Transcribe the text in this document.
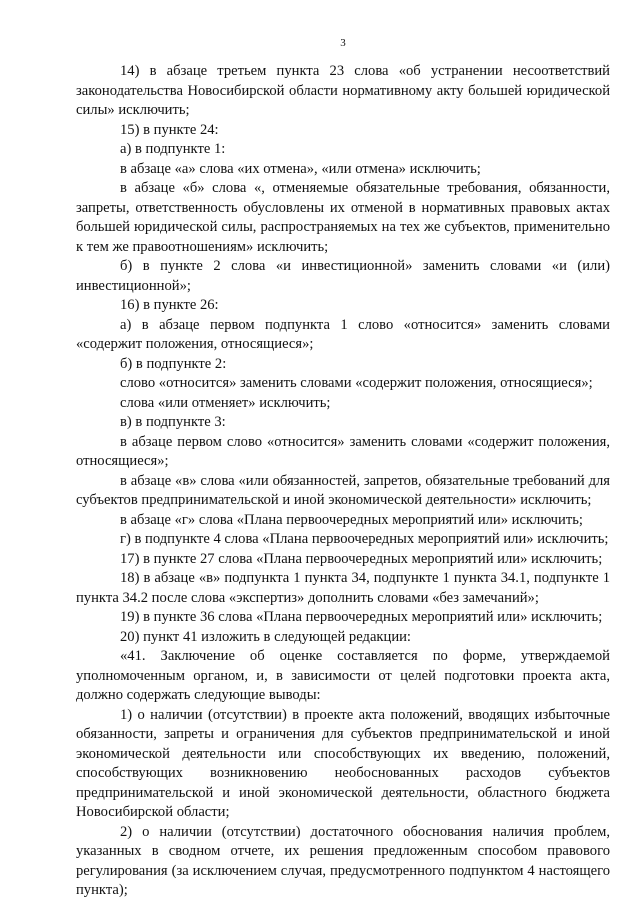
3

14) в абзаце третьем пункта 23 слова «об устранении несоответствий законодательства Новосибирской области нормативному акту большей юридической силы» исключить;

15) в пункте 24:

а) в подпункте 1:

в абзаце «а» слова «их отмена», «или отмена» исключить;

в абзаце «б» слова «, отменяемые обязательные требования, обязанности, запреты, ответственность обусловлены их отменой в нормативных правовых актах большей юридической силы, распространяемых на тех же субъектов, применительно к тем же правоотношениям» исключить;

б) в пункте 2 слова «и инвестиционной» заменить словами «и (или) инвестиционной»;

16) в пункте 26:

а) в абзаце первом подпункта 1 слово «относится» заменить словами «содержит положения, относящиеся»;

б) в подпункте 2:

слово «относится» заменить словами «содержит положения, относящиеся»;

слова «или отменяет» исключить;

в) в подпункте 3:

в абзаце первом слово «относится» заменить словами «содержит положения, относящиеся»;

в абзаце «в» слова «или обязанностей, запретов, обязательные требований для субъектов предпринимательской и иной экономической деятельности» исключить;

в абзаце «г» слова «Плана первоочередных мероприятий или» исключить;

г) в подпункте 4 слова «Плана первоочередных мероприятий или» исключить;

17) в пункте 27 слова «Плана первоочередных мероприятий или» исключить;

18) в абзаце «в» подпункта 1 пункта 34, подпункте 1 пункта 34.1, подпункте 1 пункта 34.2 после слова «экспертиз» дополнить словами «без замечаний»;

19) в пункте 36 слова «Плана первоочередных мероприятий или» исключить;

20) пункт 41 изложить в следующей редакции:

«41. Заключение об оценке составляется по форме, утверждаемой уполномоченным органом, и, в зависимости от целей подготовки проекта акта, должно содержать следующие выводы:

1) о наличии (отсутствии) в проекте акта положений, вводящих избыточные обязанности, запреты и ограничения для субъектов предпринимательской и иной экономической деятельности или способствующих их введению, положений, способствующих возникновению необоснованных расходов субъектов предпринимательской и иной экономической деятельности, областного бюджета Новосибирской области;

2) о наличии (отсутствии) достаточного обоснования наличия проблем, указанных в сводном отчете, их решения предложенным способом правового регулирования (за исключением случая, предусмотренного подпунктом 4 настоящего пункта);
